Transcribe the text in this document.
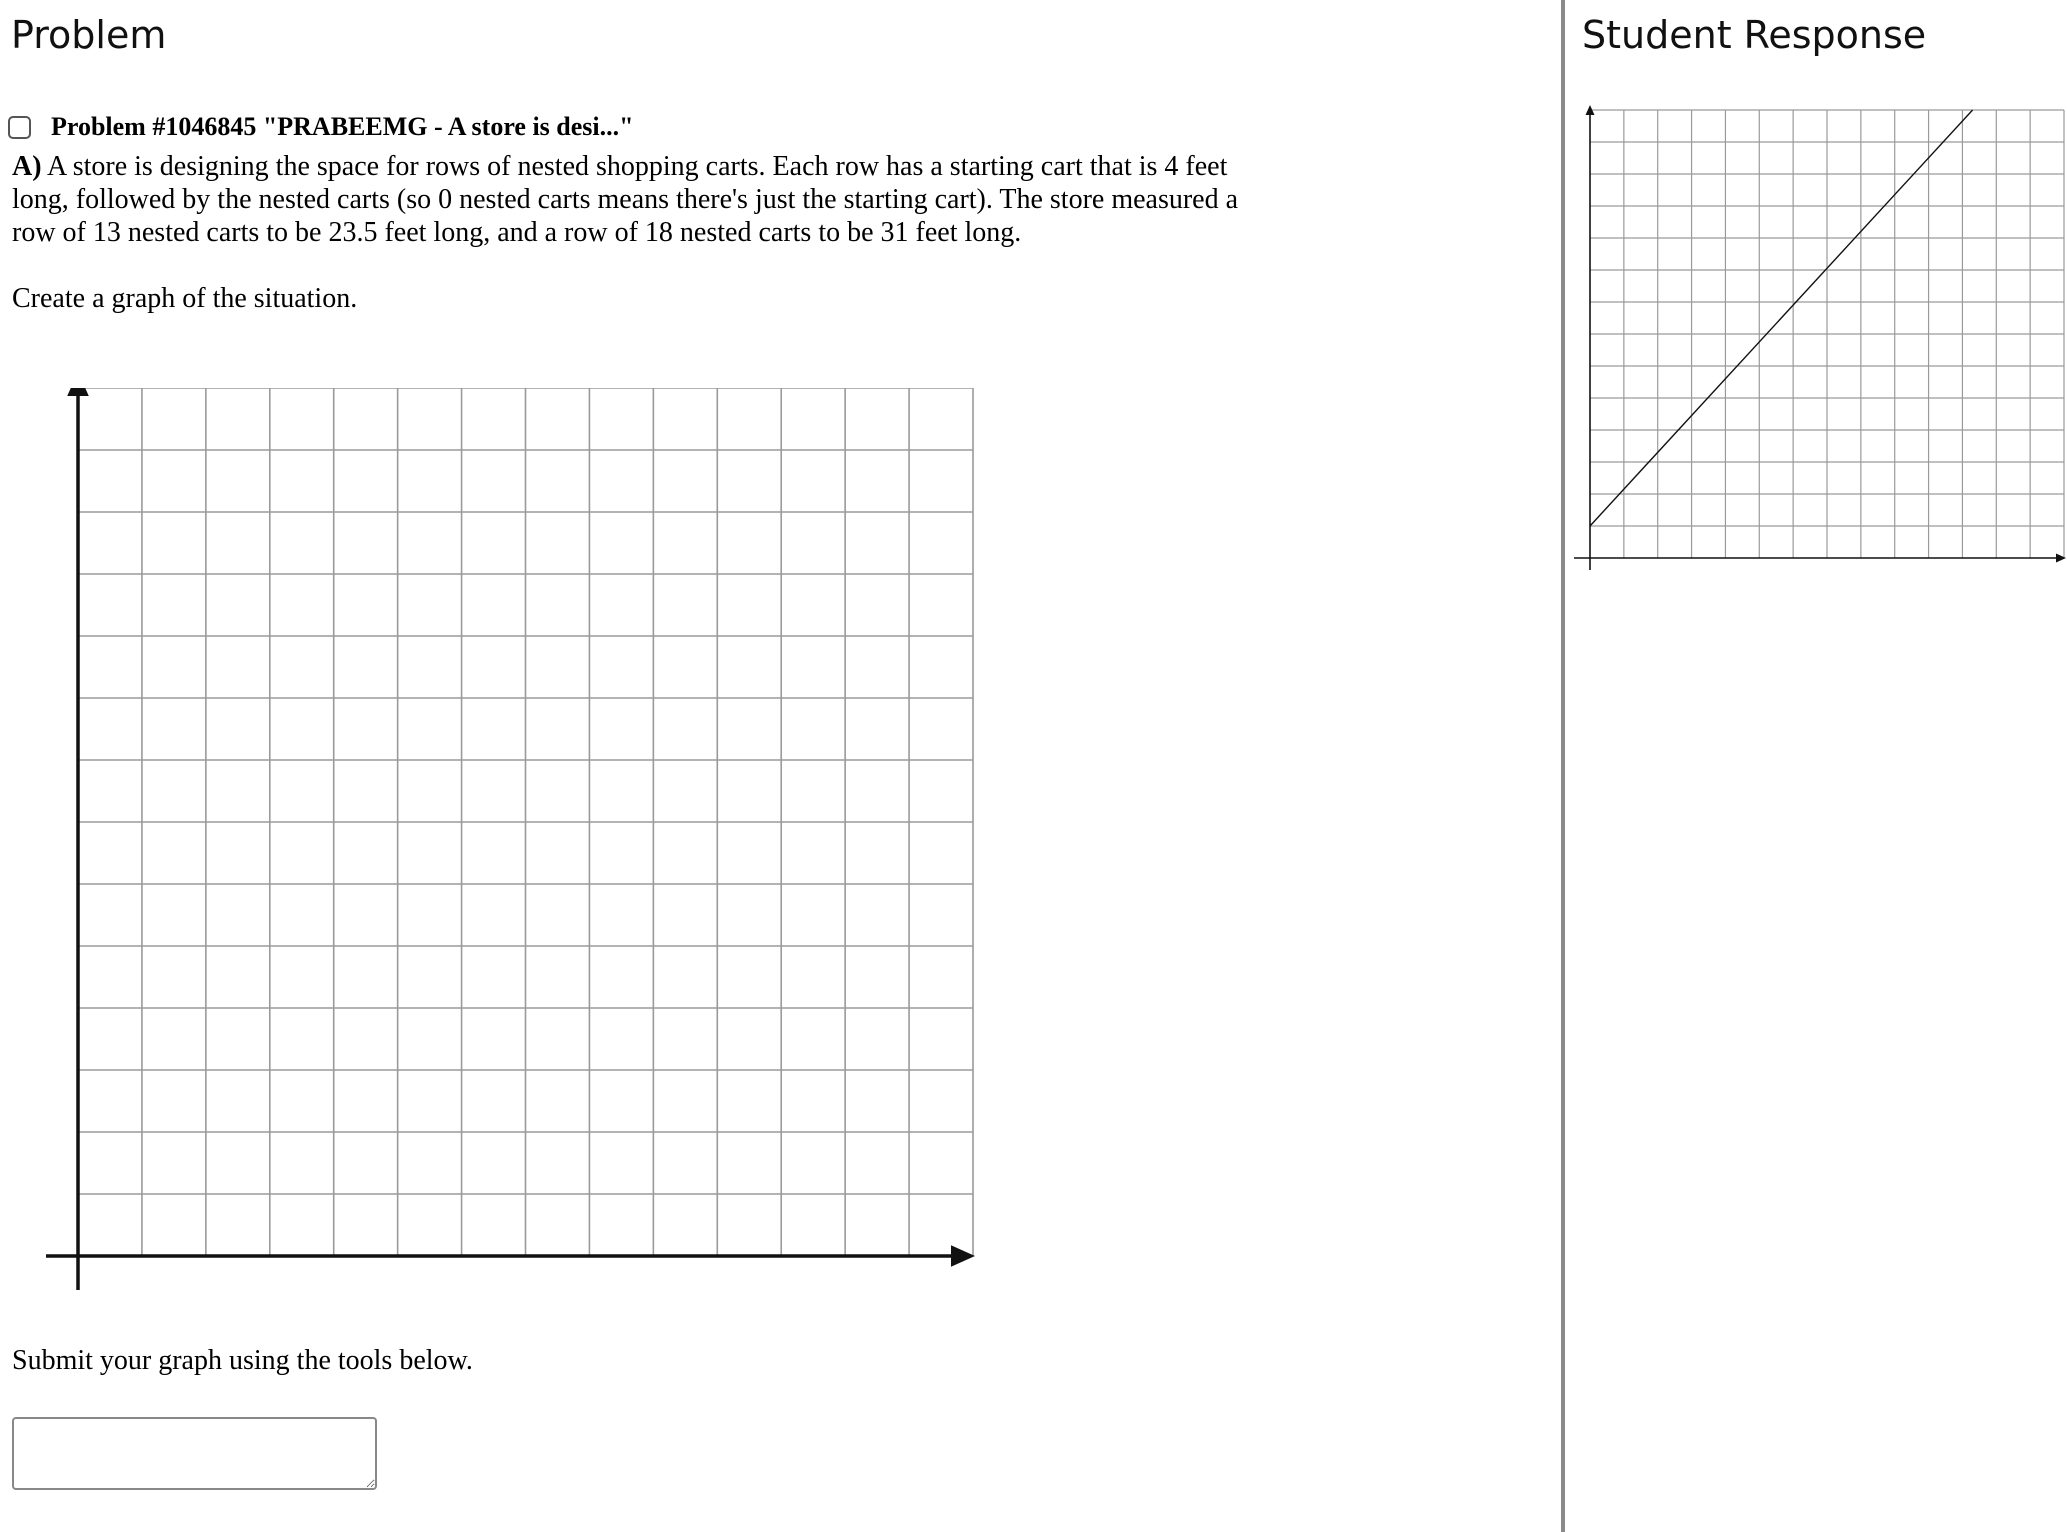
Problem
Problem #1046845 "PRABEEMG - A store is desi..."

A) A store is designing the space for rows of nested shopping carts. Each row has a starting cart that is 4 feet long, followed by the nested carts (so 0 nested carts means there's just the starting cart). The store measured a row of 13 nested carts to be 23.5 feet long, and a row of 18 nested carts to be 31 feet long.

Create a graph of the situation.

Submit your graph using the tools below.

Student Response
